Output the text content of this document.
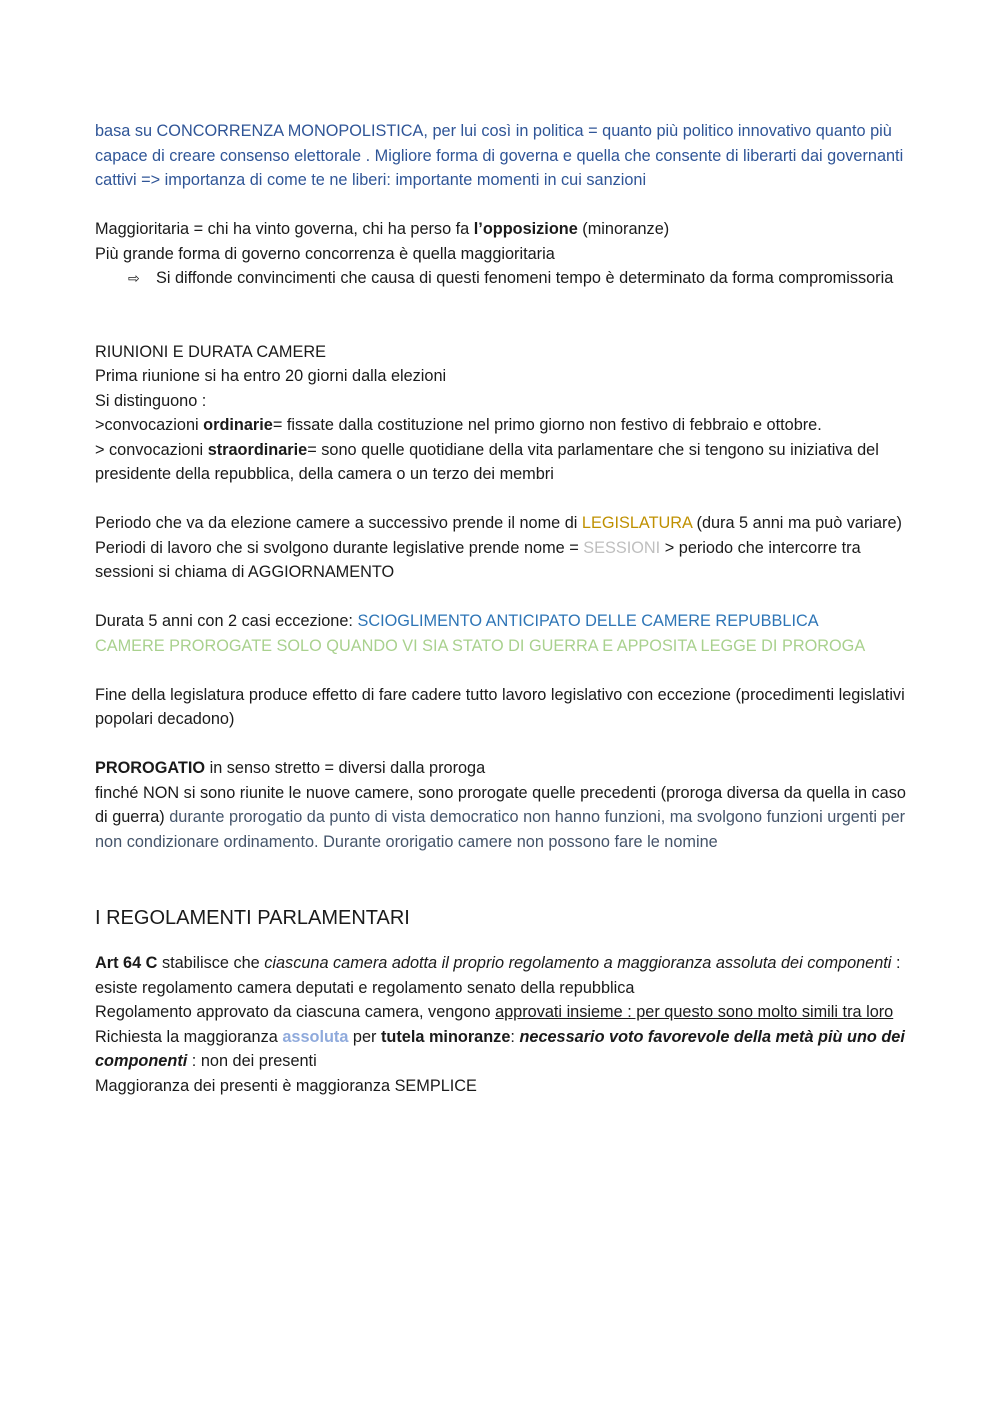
basa su CONCORRENZA MONOPOLISTICA, per lui così in politica = quanto più politico innovativo quanto più capace di creare consenso elettorale . Migliore forma di governa e quella che consente di liberarti dai governanti cattivi => importanza di come te ne liberi: importante momenti in cui sanzioni

Maggioritaria = chi ha vinto governa, chi ha perso fa l’opposizione (minoranze)

Più grande forma di governo concorrenza è quella maggioritaria

⇨ Si diffonde convincimenti che causa di questi fenomeni tempo è determinato da forma compromissoria

RIUNIONI E DURATA CAMERE

Prima riunione si ha entro 20 giorni dalla elezioni

Si distinguono :

>convocazioni ordinarie= fissate dalla costituzione nel primo giorno non festivo di febbraio e ottobre.

> convocazioni straordinarie= sono quelle quotidiane della vita parlamentare che si tengono su iniziativa del presidente della repubblica, della camera o un terzo dei membri

Periodo che va da elezione camere a successivo prende il nome di LEGISLATURA (dura 5 anni ma può variare)

Periodi di lavoro che si svolgono durante legislative prende nome = SESSIONI > periodo che intercorre tra sessioni si chiama di AGGIORNAMENTO

Durata 5 anni con 2 casi eccezione: SCIOGLIMENTO ANTICIPATO DELLE CAMERE REPUBBLICA

CAMERE PROROGATE SOLO QUANDO VI SIA STATO DI GUERRA E APPOSITA LEGGE DI PROROGA

Fine della legislatura produce effetto di fare cadere tutto lavoro legislativo con eccezione (procedimenti legislativi popolari decadono)

PROROGATIO in senso stretto = diversi dalla proroga

finché NON si sono riunite le nuove camere, sono prorogate quelle precedenti (proroga diversa da quella in caso di guerra) durante prorogatio da punto di vista democratico non hanno funzioni, ma svolgono funzioni urgenti per non condizionare ordinamento. Durante ororigatio camere non possono fare le nomine

I REGOLAMENTI PARLAMENTARI

Art 64 C stabilisce che ciascuna camera adotta il proprio regolamento a maggioranza assoluta dei componenti : esiste regolamento camera deputati e regolamento senato della repubblica

Regolamento approvato da ciascuna camera, vengono approvati insieme : per questo sono molto simili tra loro

Richiesta la maggioranza assoluta per tutela minoranze: necessario voto favorevole della metà più uno dei componenti : non dei presenti

Maggioranza dei presenti è maggioranza SEMPLICE
